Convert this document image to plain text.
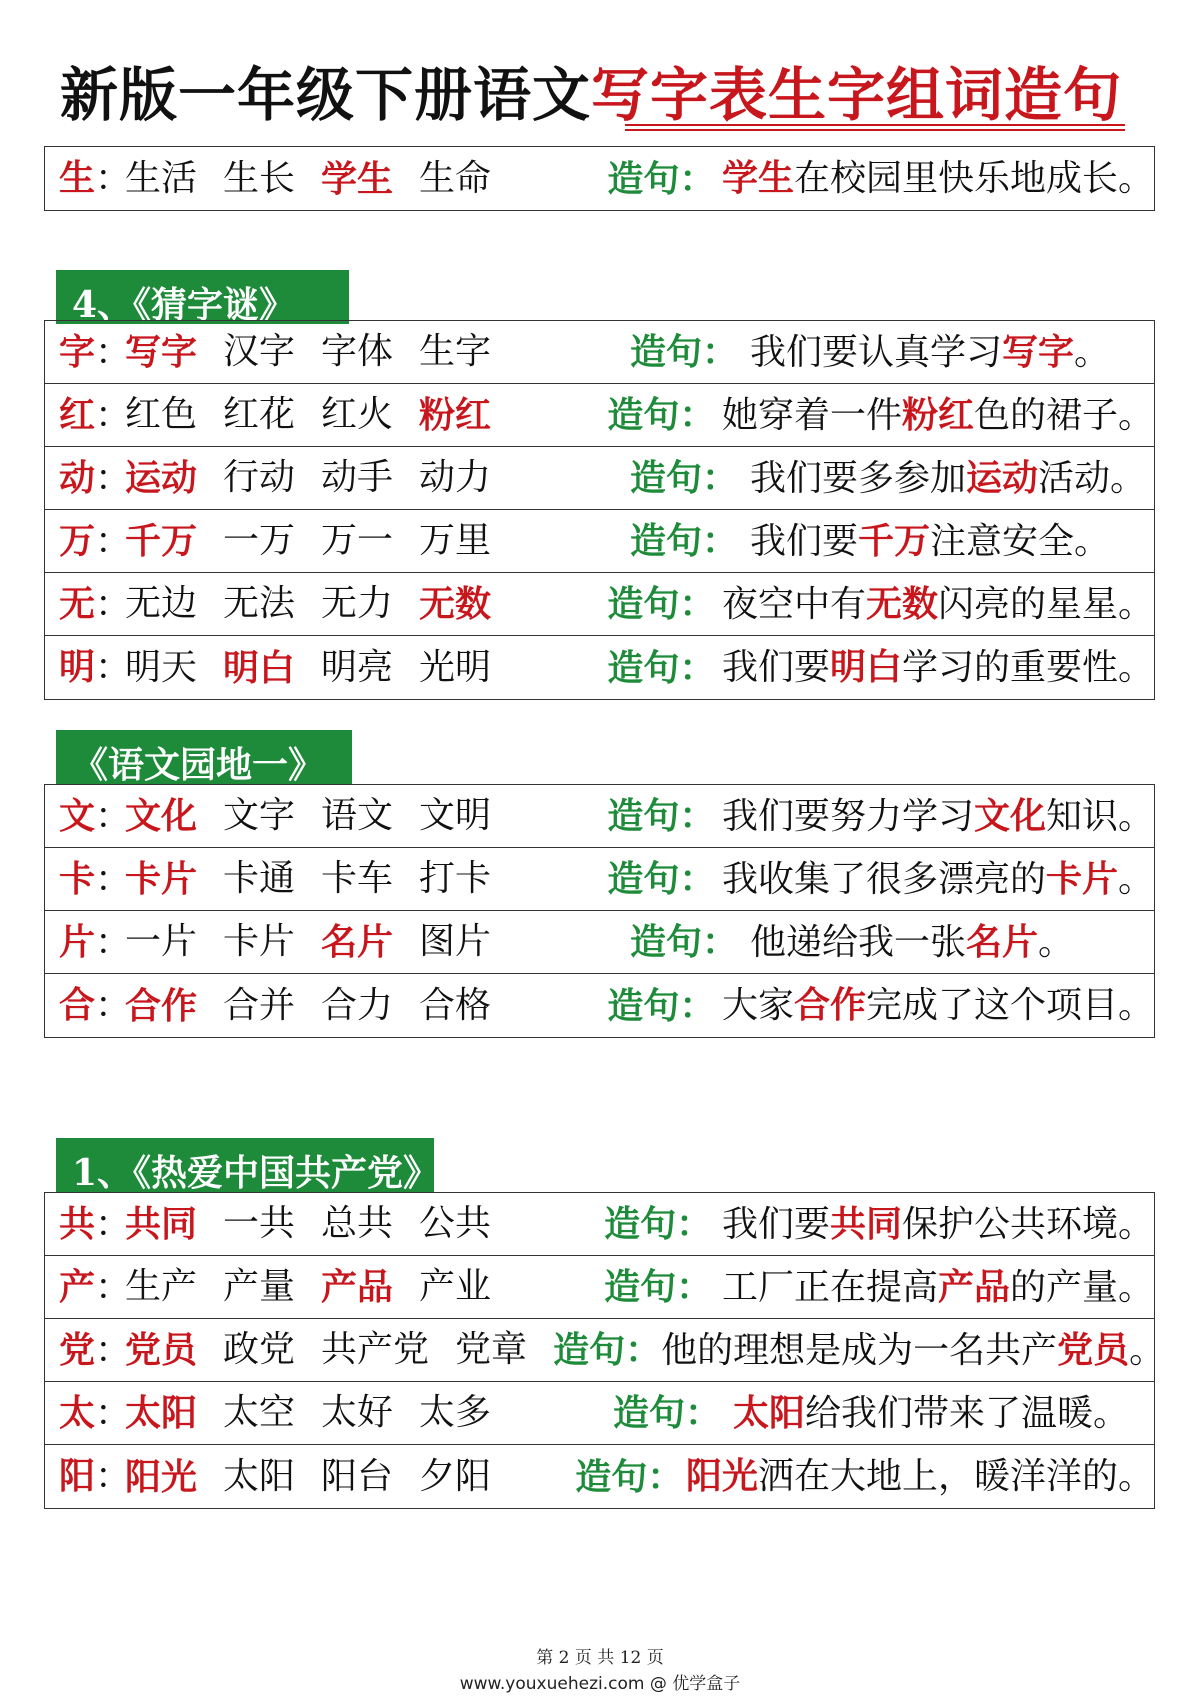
新版一年级下册语文写字表生字组词造句
4、《猜字谜》
《语文园地一》
1、《热爱中国共产党》
生：
生活 生长 学生 生命	造句： 学生在校园里快乐地成长。
字：
写字 汉字 字体 生字	造句： 我们要认真学习写字。
红：
红色 红花 红火 粉红	造句： 她穿着一件粉红色的裙子。
动：
运动 行动 动手 动力	造句： 我们要多参加运动活动。
万：
千万 一万 万一 万里	造句： 我们要千万注意安全。
无：
无边 无法 无力 无数	造句： 夜空中有无数闪亮的星星。
明：
明天 明白 明亮 光明	造句： 我们要明白学习的重要性。
文：
文化 文字 语文 文明	造句： 我们要努力学习文化知识。
卡：
卡片 卡通 卡车 打卡	造句： 我收集了很多漂亮的卡片。
片：
一片 卡片 名片 图片	造句： 他递给我一张名片。
合：
合作 合并 合力 合格	造句： 大家合作完成了这个项目。
共：
共同 一共 总共 公共	造句： 我们要共同保护公共环境。
产：
生产 产量 产品 产业	造句： 工厂正在提高产品的产量。
党：
党员 政党 共产党 党章 造句： 他的理想是成为一名共产党员。
太：
太阳 太空 太好 太多	造句： 太阳给我们带来了温暖。
阳：
阳光 太阳 阳台 夕阳 造句： 阳光洒在大地上，暖洋洋的。
第 2 页 共 12 页
www.youxuehezi.com @ 优学盒子
